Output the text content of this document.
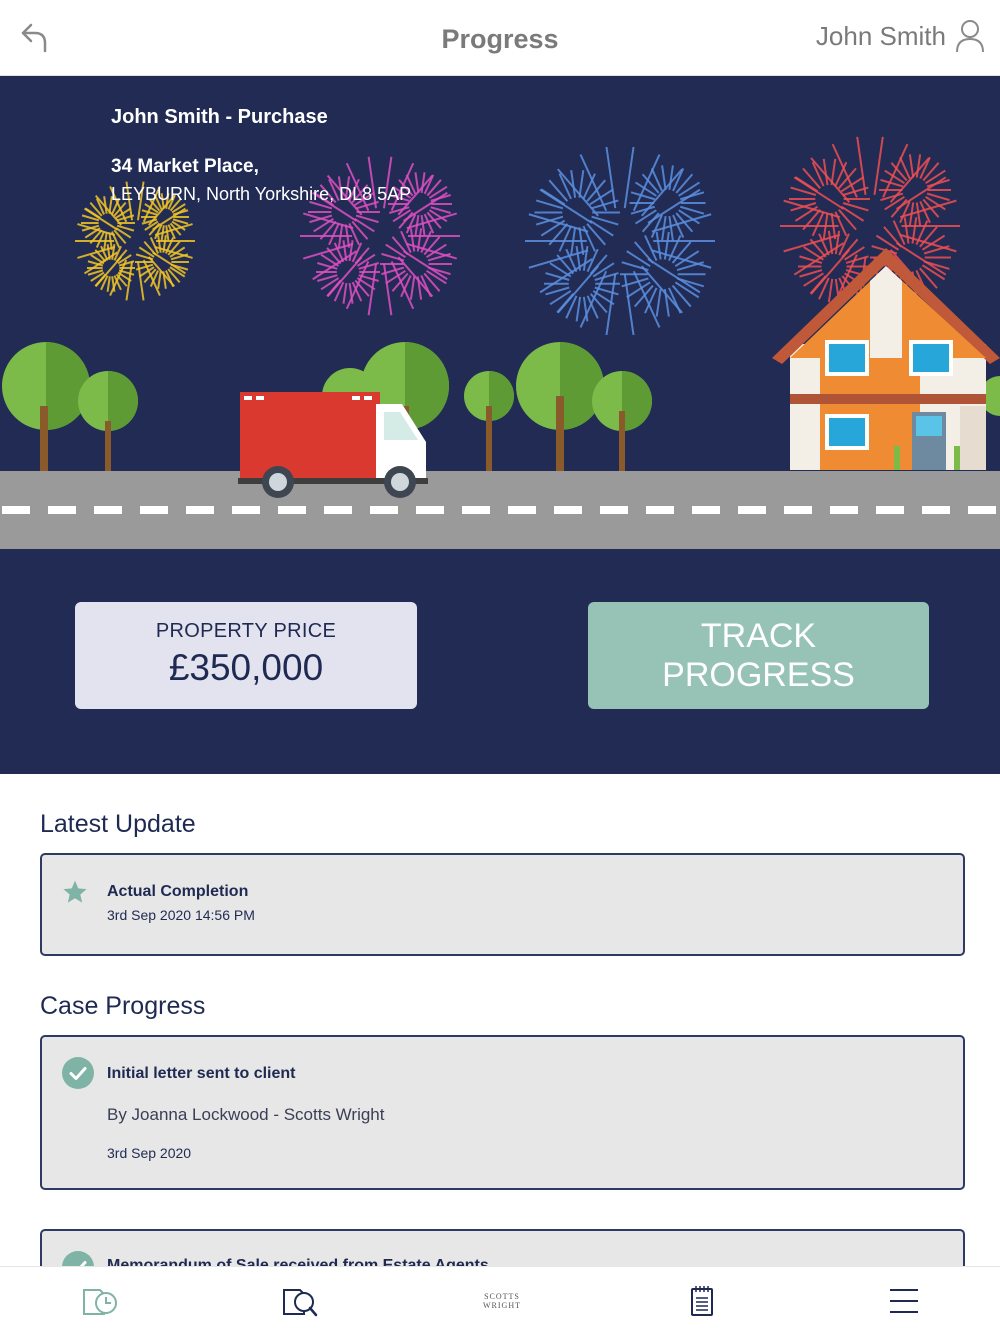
Progress	John Smith
John Smith - Purchase
34 Market Place,
LEYBURN, North Yorkshire, DL8 5AP
PROPERTY PRICE
£350,000
TRACK
PROGRESS
Latest Update
Actual Completion
3rd Sep 2020 14:56 PM
Case Progress
Initial letter sent to client
By Joanna Lockwood - Scotts Wright
3rd Sep 2020
SCOTTS
WRIGHT
